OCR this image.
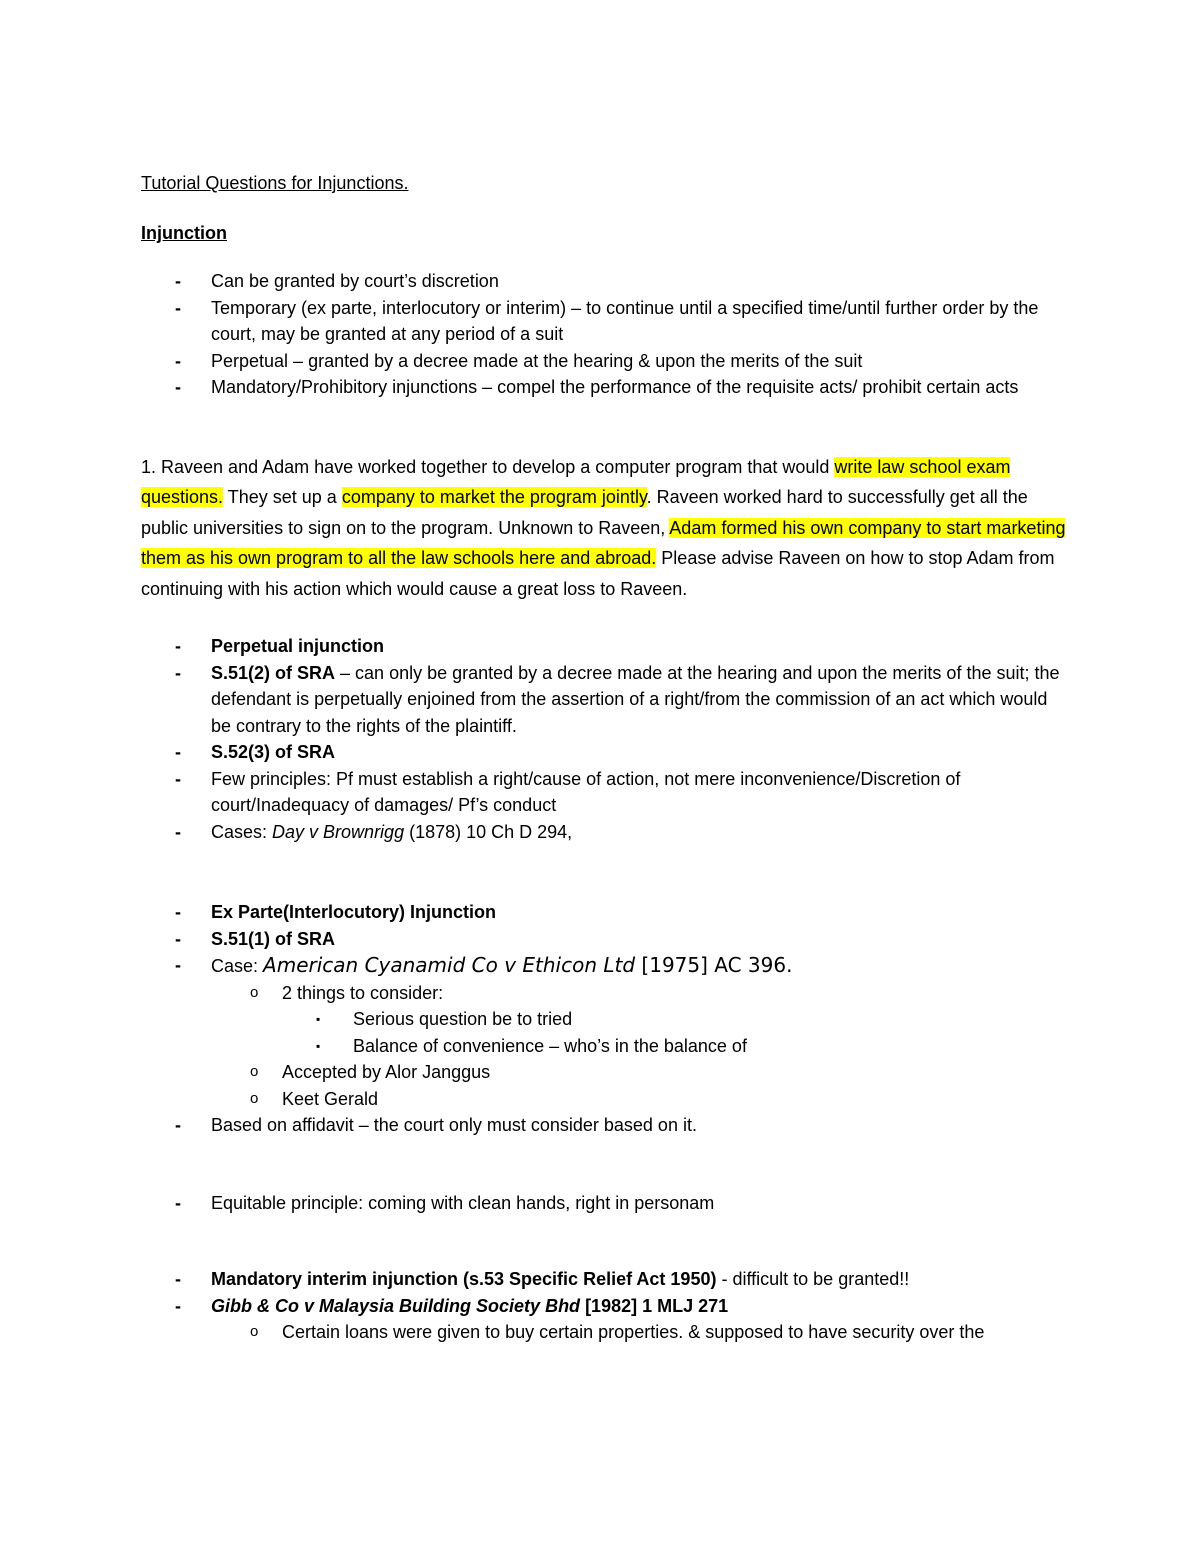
Tutorial Questions for Injunctions.
Injunction
- Can be granted by court’s discretion
- Temporary (ex parte, interlocutory or interim) – to continue until a specified time/until further order by the court, may be granted at any period of a suit
- Perpetual – granted by a decree made at the hearing & upon the merits of the suit
- Mandatory/Prohibitory injunctions – compel the performance of the requisite acts/ prohibit certain acts

1. Raveen and Adam have worked together to develop a computer program that would write law school exam questions. They set up a company to market the program jointly. Raveen worked hard to successfully get all the public universities to sign on to the program. Unknown to Raveen, Adam formed his own company to start marketing them as his own program to all the law schools here and abroad. Please advise Raveen on how to stop Adam from continuing with his action which would cause a great loss to Raveen.

- Perpetual injunction
- S.51(2) of SRA – can only be granted by a decree made at the hearing and upon the merits of the suit; the defendant is perpetually enjoined from the assertion of a right/from the commission of an act which would be contrary to the rights of the plaintiff.
- S.52(3) of SRA
- Few principles: Pf must establish a right/cause of action, not mere inconvenience/Discretion of court/Inadequacy of damages/ Pf’s conduct
- Cases: Day v Brownrigg (1878) 10 Ch D 294,
- Ex Parte(Interlocutory) Injunction
- S.51(1) of SRA
- Case: American Cyanamid Co v Ethicon Ltd [1975] AC 396.
o 2 things to consider:
▪ Serious question be to tried
▪ Balance of convenience – who’s in the balance of
o Accepted by Alor Janggus
o Keet Gerald
- Based on affidavit – the court only must consider based on it.
- Equitable principle: coming with clean hands, right in personam
- Mandatory interim injunction (s.53 Specific Relief Act 1950) - difficult to be granted!!
- Gibb & Co v Malaysia Building Society Bhd [1982] 1 MLJ 271
o Certain loans were given to buy certain properties. & supposed to have security over the
